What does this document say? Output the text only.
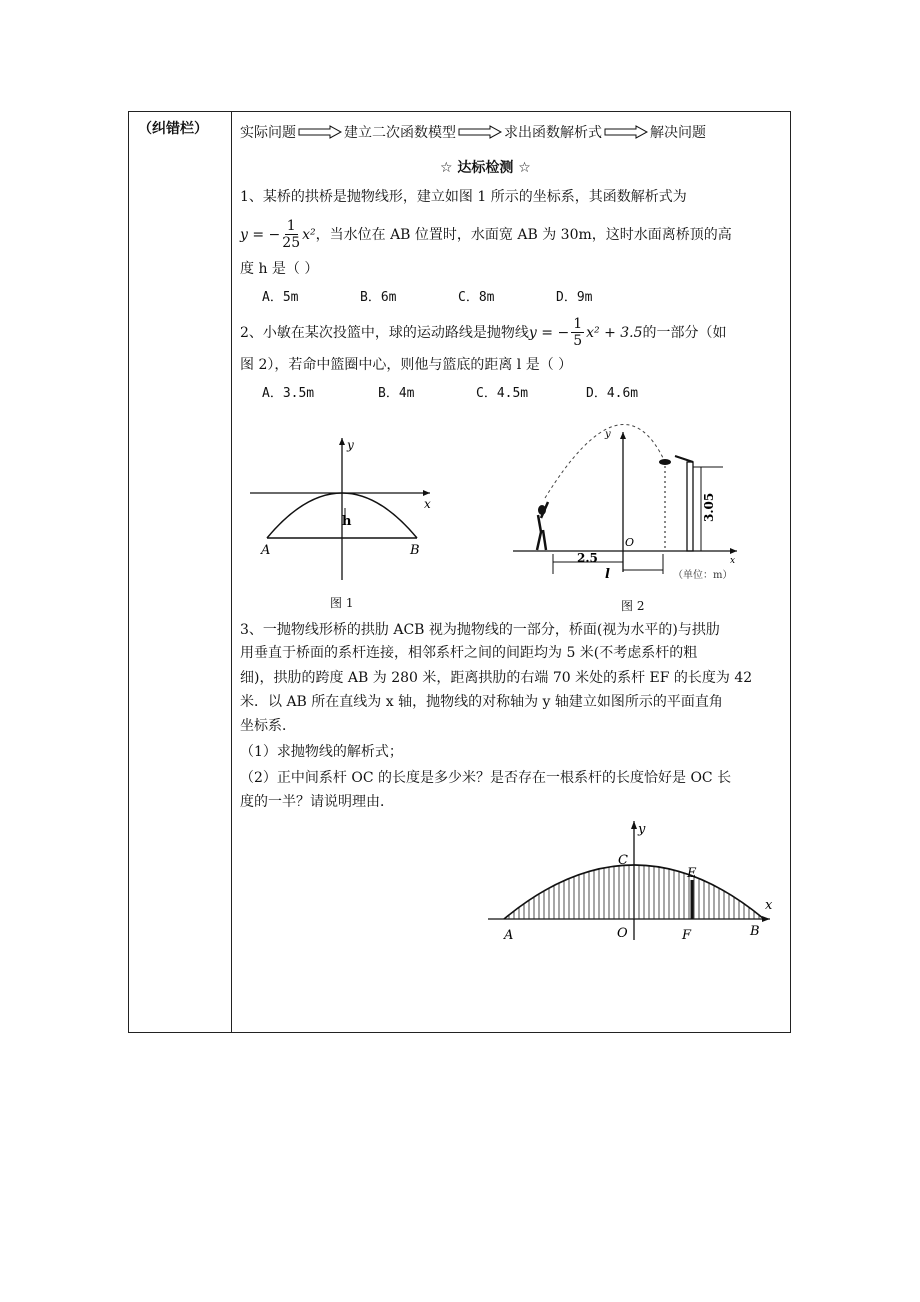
（纠错栏） 实际问题	建立二次函数模型	求出函数解析式	解决问题
☆ 达标检测 ☆
1、某桥的拱桥是抛物线形，建立如图 1 所示的坐标系，其函数解析式为
y = − $\frac{1}{25} x^2$ ，当水位在 AB 位置时，水面宽 AB 为 30m，这时水面离桥顶的高
度 h 是（ ）
A．5m	B．6m	C．8m	D．9m
2、小敏在某次投篮中，球的运动路线是抛物线 y = − $\frac{1}{5} x^2 + 3.5$ 的一部分（如
图 2），若命中篮圈中心，则他与篮底的距离 l 是（ ）
A．3.5m	B．4m	C．4.5m	D．4.6m
y
x
h
A	B
图 1
y
O
x
2.5
l
3.05
（单位：m）
图 2
3、一抛物线形桥的拱肋 ACB 视为抛物线的一部分，桥面(视为水平的)与拱肋
用垂直于桥面的系杆连接，相邻系杆之间的间距均为 5 米(不考虑系杆的粗
细)，拱肋的跨度 AB 为 280 米，距离拱肋的右端 70 米处的系杆 EF 的长度为 42
米．以 AB 所在直线为 x 轴，抛物线的对称轴为 y 轴建立如图所示的平面直角
坐标系．
（1）求抛物线的解析式；
（2）正中间系杆 OC 的长度是多少米？是否存在一根系杆的长度恰好是 OC 长
度的一半？请说明理由．
y
x
C
E
A	O	F	B
